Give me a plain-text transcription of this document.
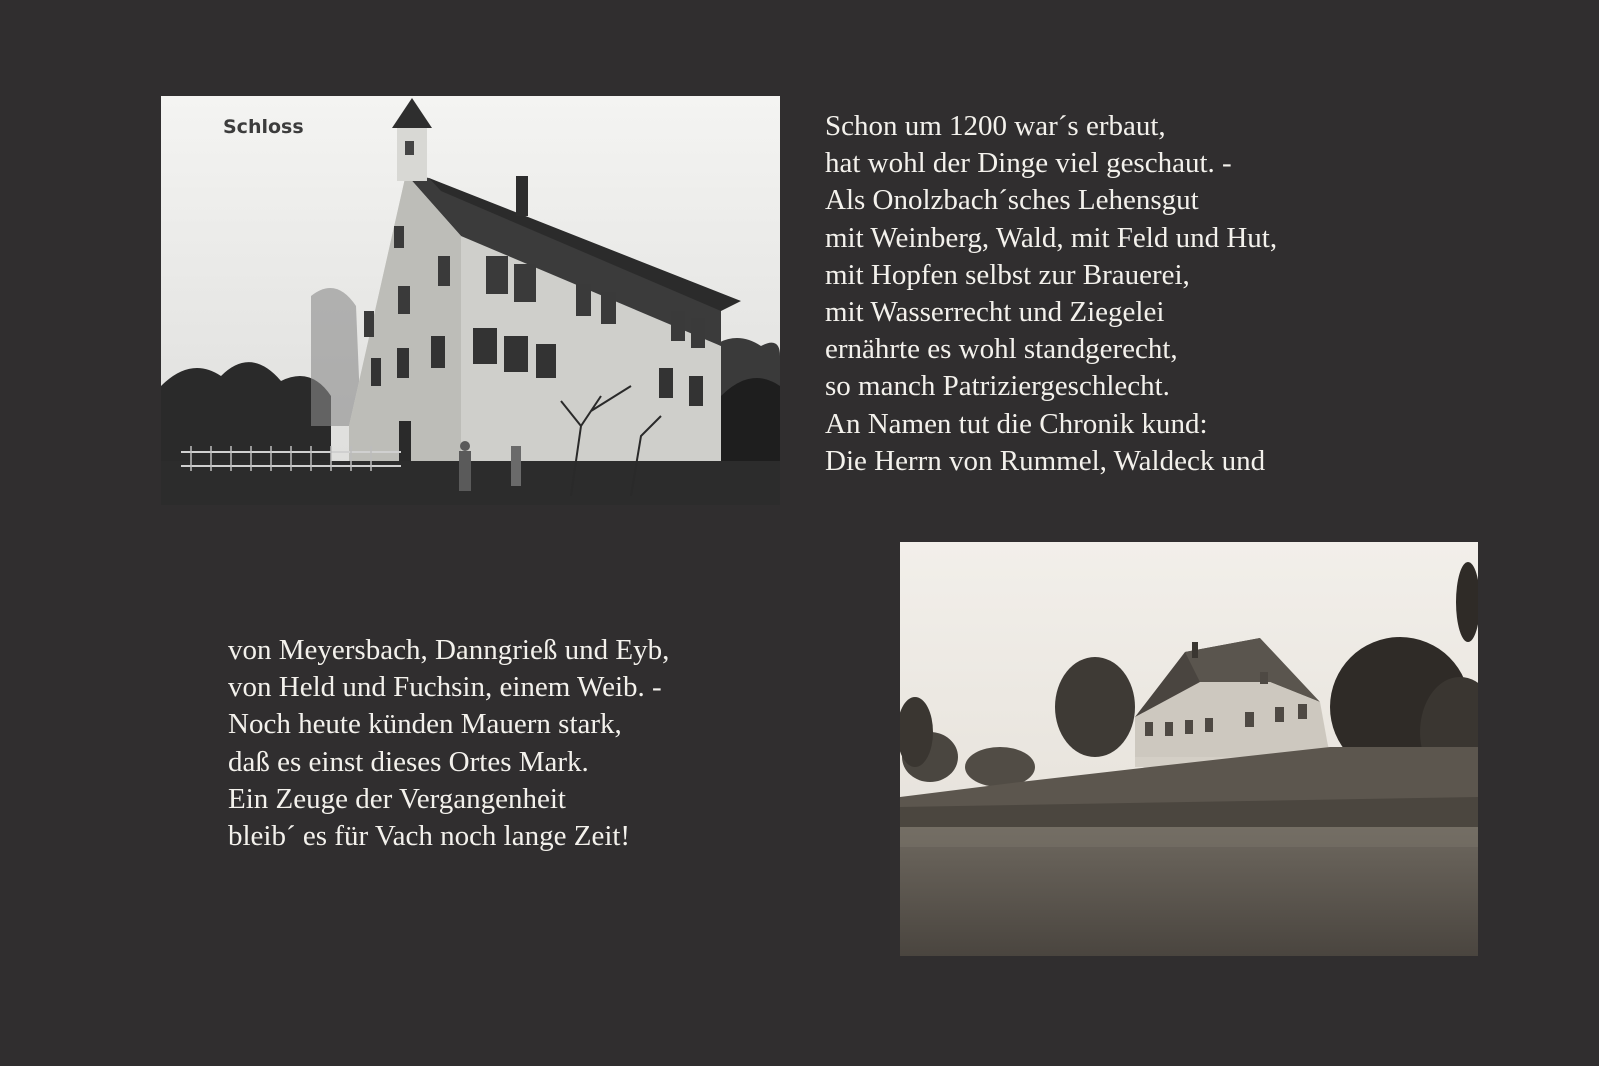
Schloss	Schon um 1200 war´s erbaut,
hat wohl der Dinge viel geschaut. -
Als Onolzbach´sches Lehensgut
mit Weinberg, Wald, mit Feld und Hut,
mit Hopfen selbst zur Brauerei,
mit Wasserrecht und Ziegelei
ernährte es wohl standgerecht,
so manch Patriziergeschlecht.
An Namen tut die Chronik kund:
Die Herrn von Rummel, Waldeck und
von Meyersbach, Danngrieß und Eyb,
von Held und Fuchsin, einem Weib. -
Noch heute künden Mauern stark,
daß es einst dieses Ortes Mark.
Ein Zeuge der Vergangenheit
bleib´ es für Vach noch lange Zeit!
